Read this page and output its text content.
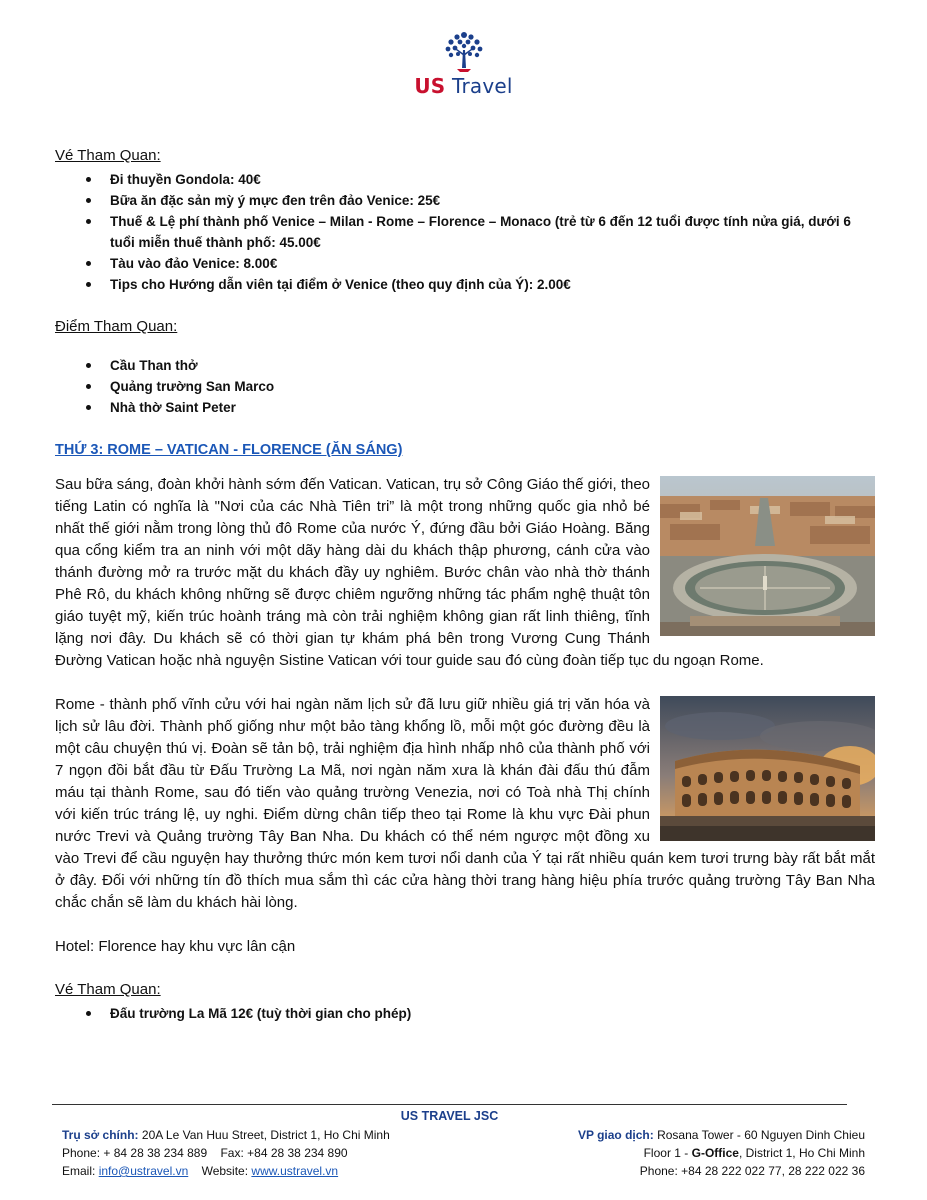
US Travel

Vé Tham Quan:

Đi thuyền Gondola: 40€
Bữa ăn đặc sản mỳ ý mực đen trên đảo Venice: 25€
Thuế & Lệ phí thành phố Venice – Milan - Rome – Florence – Monaco (trẻ từ 6 đến 12 tuổi được tính nửa giá, dưới 6 tuổi miễn thuế thành phố: 45.00€
Tàu vào đảo Venice: 8.00€
Tips cho Hướng dẫn viên tại điểm ở Venice (theo quy định của Ý): 2.00€

Điểm Tham Quan:

Cầu Than thở
Quảng trường San Marco
Nhà thờ Saint Peter

THỨ 3: ROME – VATICAN - FLORENCE (ĂN SÁNG)

Sau bữa sáng, đoàn khởi hành sớm đến Vatican. Vatican, trụ sở Công Giáo thế giới, theo tiếng Latin có nghĩa là "Nơi của các Nhà Tiên tri” là một trong những quốc gia nhỏ bé nhất thế giới nằm trong lòng thủ đô Rome của nước Ý, đứng đầu bởi Giáo Hoàng. Băng qua cổng kiểm tra an ninh với một dãy hàng dài du khách thập phương, cánh cửa vào thánh đường mở ra trước mặt du khách đầy uy nghiêm. Bước chân vào nhà thờ thánh Phê Rô, du khách không những sẽ được chiêm ngưỡng những tác phẩm nghệ thuật tôn giáo tuyệt mỹ, kiến trúc hoành tráng mà còn trải nghiệm không gian rất linh thiêng, tĩnh lặng nơi đây. Du khách sẽ có thời gian tự khám phá bên trong Vương Cung Thánh Đường Vatican hoặc nhà nguyện Sistine Vatican với tour guide sau đó cùng đoàn tiếp tục du ngoạn Rome.

Rome - thành phố vĩnh cửu với hai ngàn năm lịch sử đã lưu giữ nhiều giá trị văn hóa và lịch sử lâu đời. Thành phố giống như một bảo tàng khổng lồ, mỗi một góc đường đều là một câu chuyện thú vị. Đoàn sẽ tản bộ, trải nghiệm địa hình nhấp nhô của thành phố với 7 ngọn đồi bắt đầu từ Đấu Trường La Mã, nơi ngàn năm xưa là khán đài đấu thú đẫm máu tại thành Rome, sau đó tiến vào quảng trường Venezia, nơi có Toà nhà Thị chính với kiến trúc tráng lệ, uy nghi. Điểm dừng chân tiếp theo tại Rome là khu vực Đài phun nước Trevi và Quảng trường Tây Ban Nha. Du khách có thể ném ngược một đồng xu vào Trevi để cầu nguyện hay thưởng thức món kem tươi nổi danh của Ý tại rất nhiều quán kem tươi trưng bày rất bắt mắt ở đây. Đối với những tín đồ thích mua sắm thì các cửa hàng thời trang hàng hiệu phía trước quảng trường Tây Ban Nha chắc chắn sẽ làm du khách hài lòng.

Hotel: Florence hay khu vực lân cận

Vé Tham Quan:

Đấu trường La Mã 12€ (tuỳ thời gian cho phép)
US TRAVEL JSC
Trụ sở chính: 20A Le Van Huu Street, District 1, Ho Chi Minh
Phone: + 84 28 38 234 889    Fax: +84 28 38 234 890
Email: info@ustravel.vn Website: www.ustravel.vn
VP giao dịch: Rosana Tower - 60 Nguyen Dinh Chieu
Floor 1 - G-Office, District 1, Ho Chi Minh
Phone: +84 28 222 022 77, 28 222 022 36
